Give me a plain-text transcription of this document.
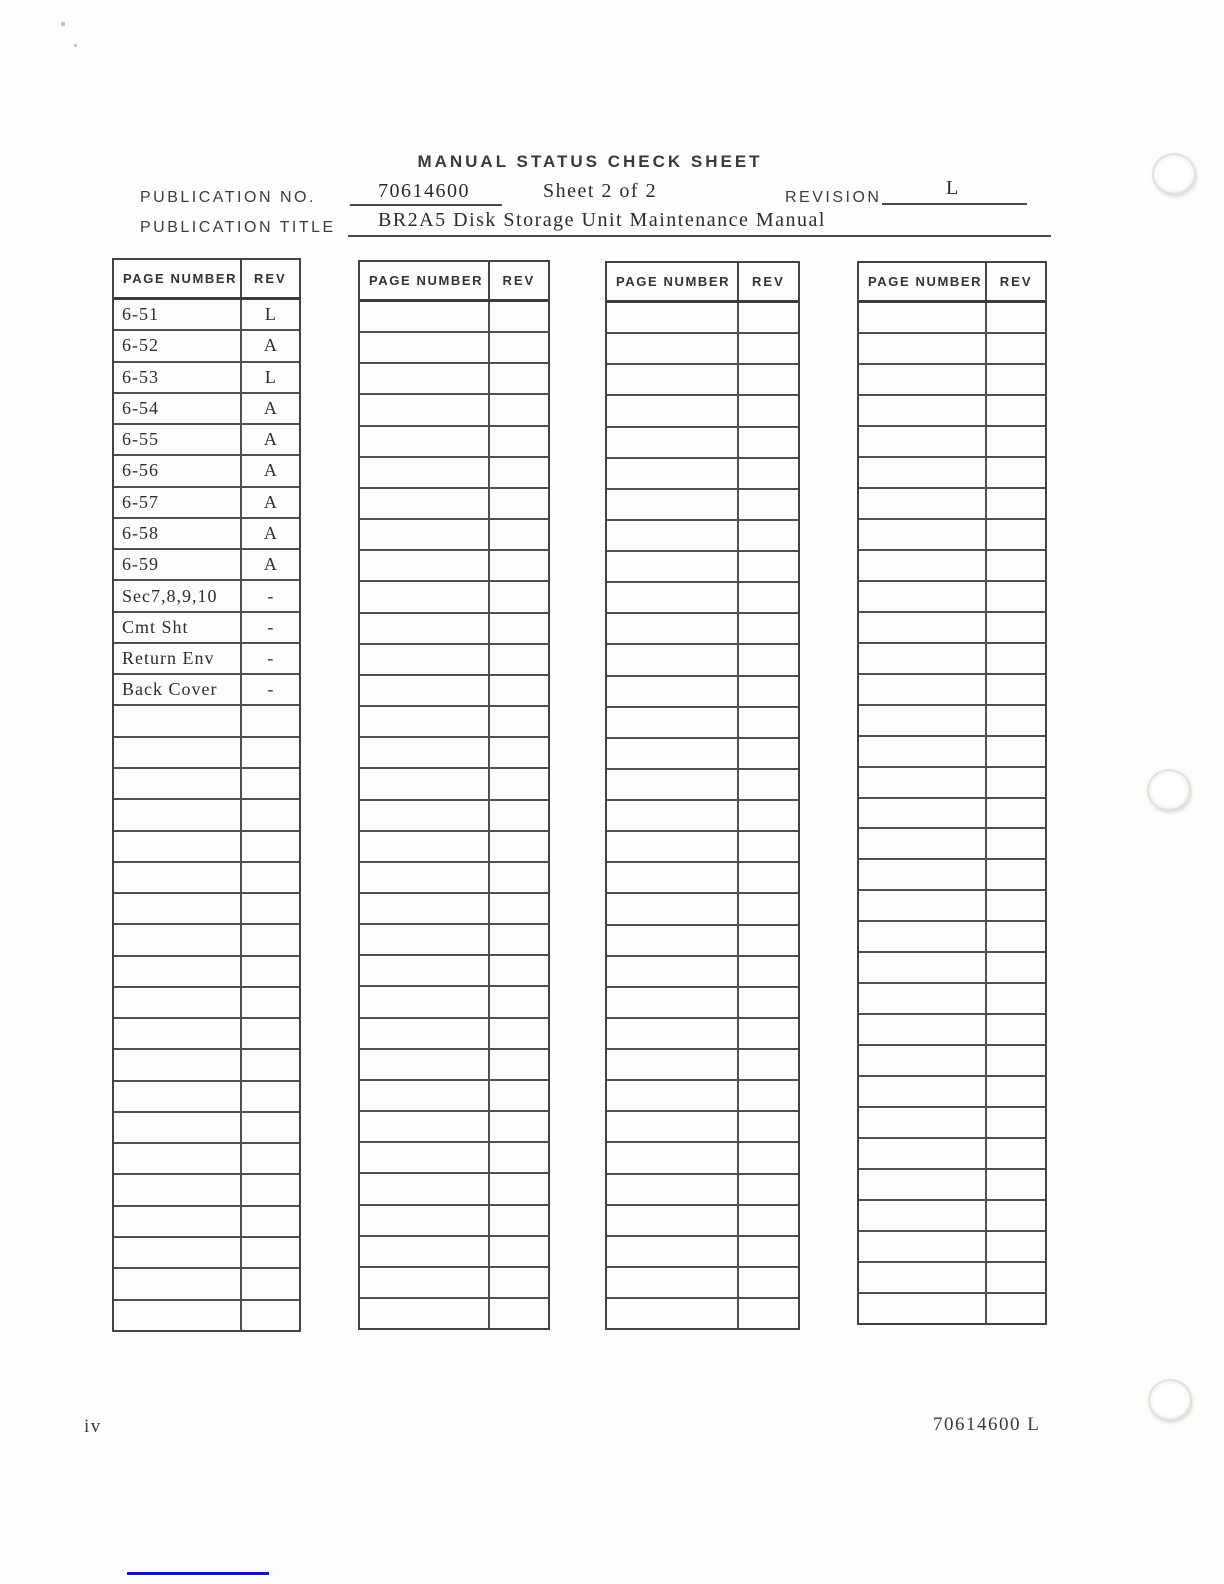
MANUAL STATUS CHECK SHEET
PUBLICATION NO.	70614600	Sheet 2 of 2	REVISION	L
PUBLICATION TITLE BR2A5 Disk Storage Unit Maintenance Manual
PAGE NUMBER	REV
6-51	L
6-52	A
6-53	L
6-54	A
6-55	A
6-56	A
6-57	A
6-58	A
6-59	A
Sec7,8,9,10	-
Cmt Sht	-
Return Env	-
Back Cover	-
PAGE NUMBER	REV	PAGE NUMBER	REV	PAGE NUMBER	REV
iv	70614600 L
